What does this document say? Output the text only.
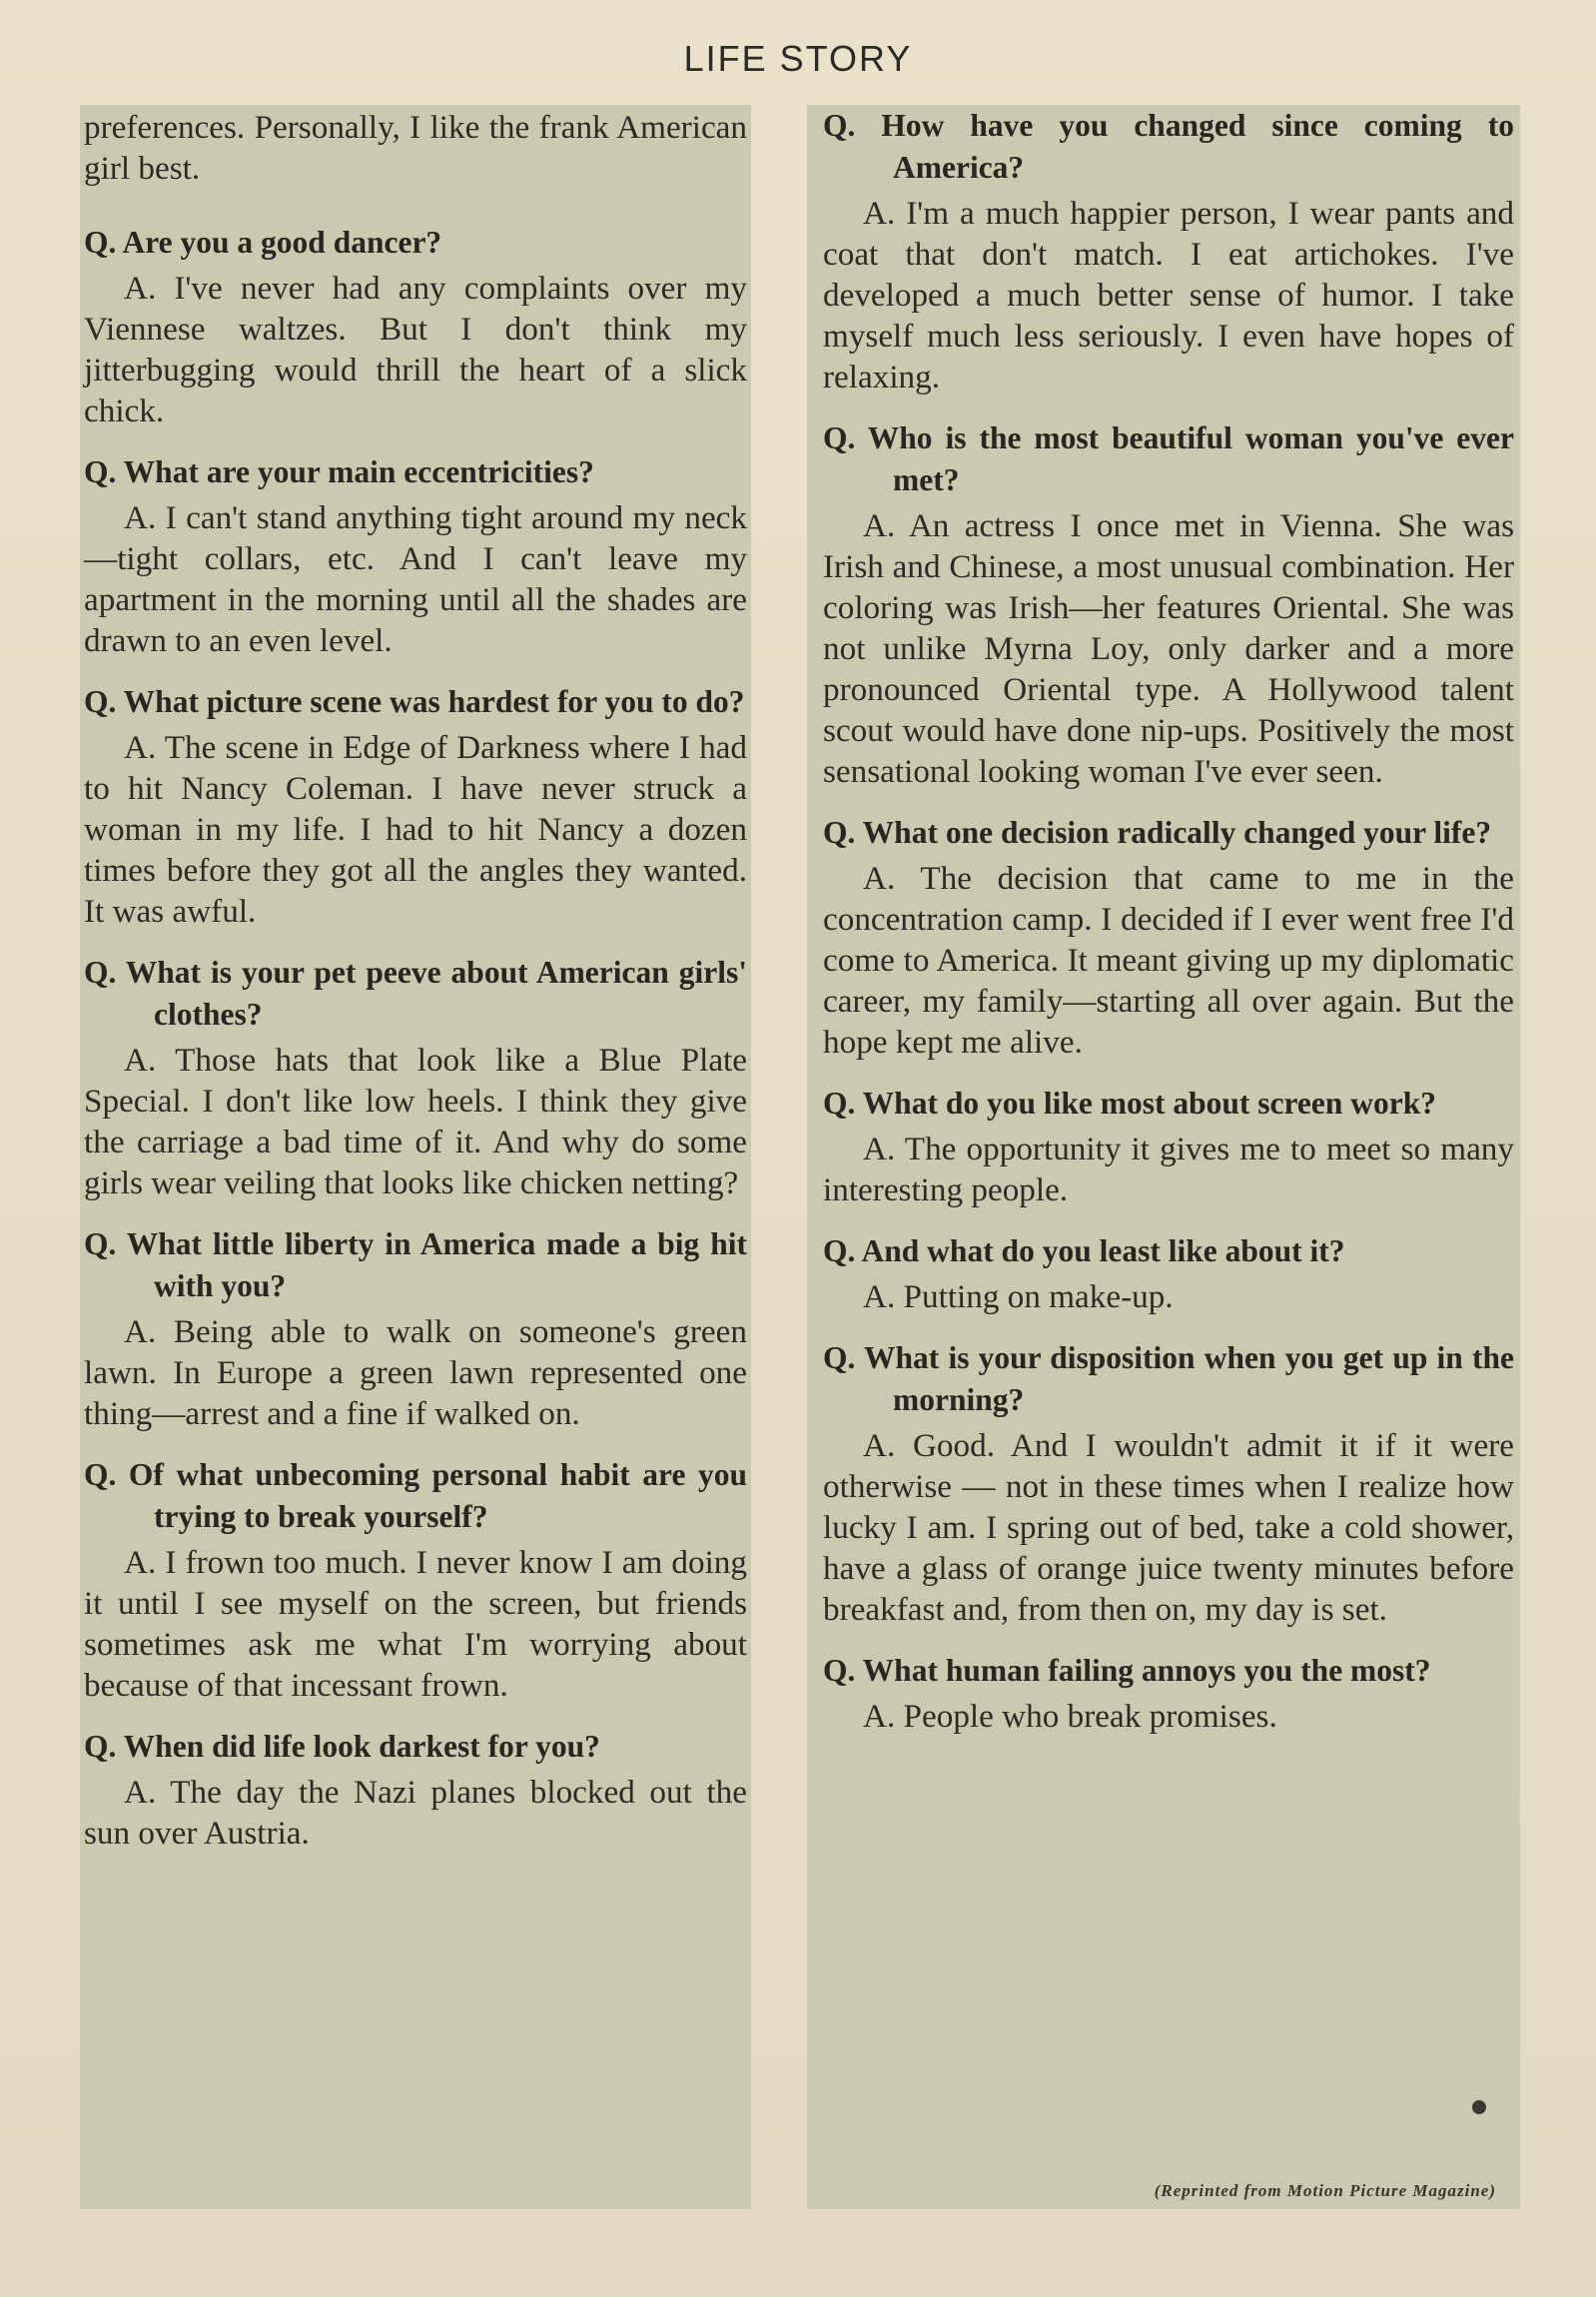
LIFE STORY

preferences. Personally, I like the frank American girl best.

Q. Are you a good dancer?
A. I've never had any complaints over my Viennese waltzes. But I don't think my jitterbugging would thrill the heart of a slick chick.
Q. What are your main eccentricities?
A. I can't stand anything tight around my neck—tight collars, etc. And I can't leave my apartment in the morning until all the shades are drawn to an even level.
Q. What picture scene was hardest for you to do?
A. The scene in Edge of Darkness where I had to hit Nancy Coleman. I have never struck a woman in my life. I had to hit Nancy a dozen times before they got all the angles they wanted. It was awful.
Q. What is your pet peeve about American girls' clothes?
A. Those hats that look like a Blue Plate Special. I don't like low heels. I think they give the carriage a bad time of it. And why do some girls wear veiling that looks like chicken netting?
Q. What little liberty in America made a big hit with you?
A. Being able to walk on someone's green lawn. In Europe a green lawn represented one thing—arrest and a fine if walked on.
Q. Of what unbecoming personal habit are you trying to break yourself?
A. I frown too much. I never know I am doing it until I see myself on the screen, but friends sometimes ask me what I'm worrying about because of that incessant frown.
Q. When did life look darkest for you?
A. The day the Nazi planes blocked out the sun over Austria.
Q. How have you changed since coming to America?
A. I'm a much happier person, I wear pants and coat that don't match. I eat artichokes. I've developed a much better sense of humor. I take myself much less seriously. I even have hopes of relaxing.
Q. Who is the most beautiful woman you've ever met?
A. An actress I once met in Vienna. She was Irish and Chinese, a most unusual combination. Her coloring was Irish—her features Oriental. She was not unlike Myrna Loy, only darker and a more pronounced Oriental type. A Hollywood talent scout would have done nip-ups. Positively the most sensational looking woman I've ever seen.
Q. What one decision radically changed your life?
A. The decision that came to me in the concentration camp. I decided if I ever went free I'd come to America. It meant giving up my diplomatic career, my family—starting all over again. But the hope kept me alive.
Q. What do you like most about screen work?
A. The opportunity it gives me to meet so many interesting people.
Q. And what do you least like about it?
A. Putting on make-up.
Q. What is your disposition when you get up in the morning?
A. Good. And I wouldn't admit it if it were otherwise — not in these times when I realize how lucky I am. I spring out of bed, take a cold shower, have a glass of orange juice twenty minutes before breakfast and, from then on, my day is set.
Q. What human failing annoys you the most?
A. People who break promises.
(Reprinted from Motion Picture Magazine)
